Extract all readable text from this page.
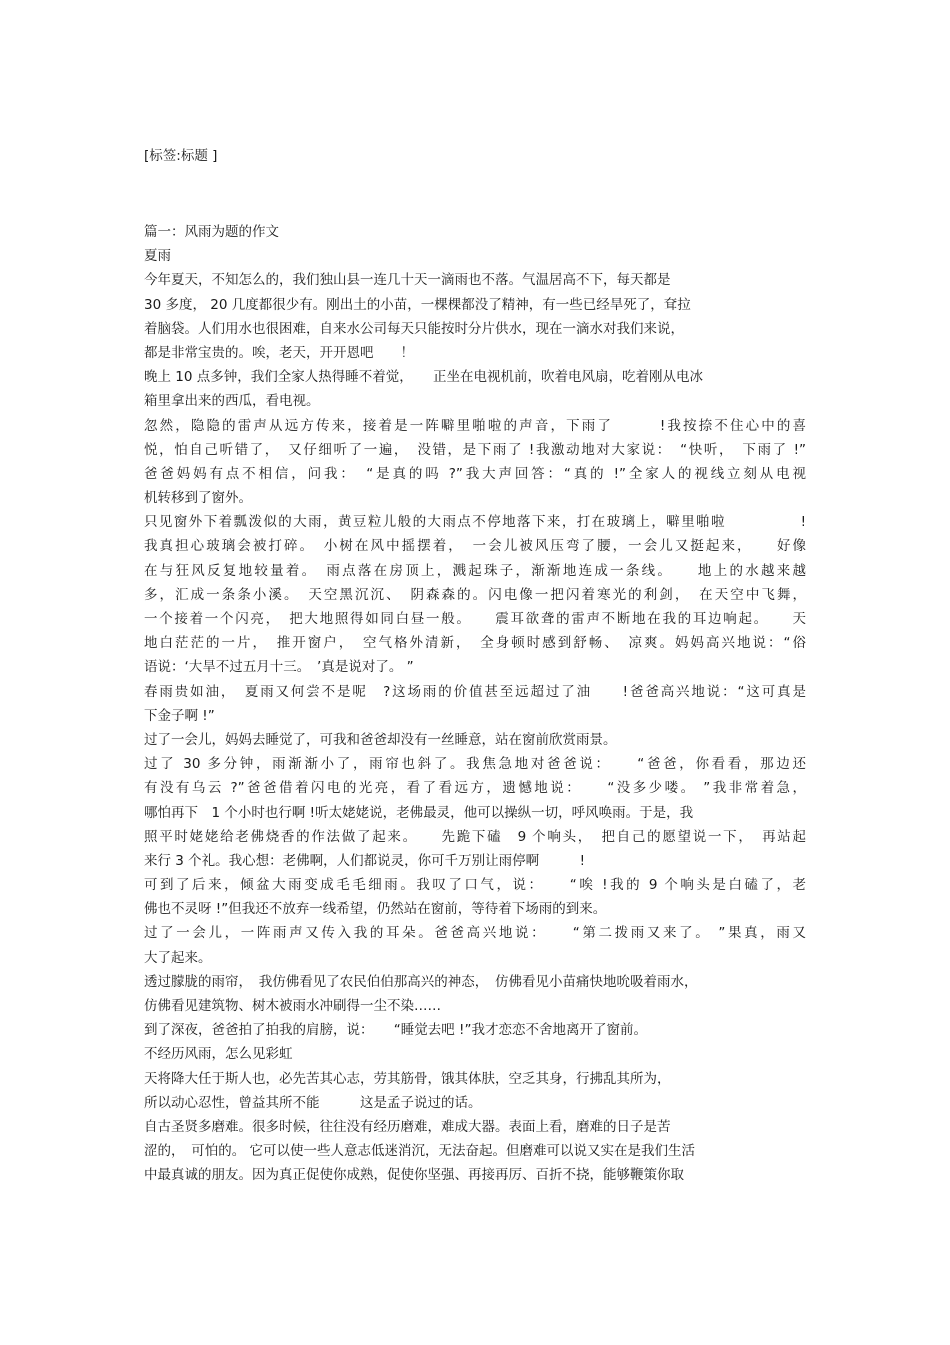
[标签:标题 ]
篇一：风雨为题的作文
夏雨
今年夏天，不知怎么的，我们独山县一连几十天一滴雨也不落。气温居高不下，每天都是
30 多度， 20 几度都很少有。刚出土的小苗，一棵棵都没了精神，有一些已经旱死了，耷拉
着脑袋。人们用水也很困难，自来水公司每天只能按时分片供水，现在一滴水对我们来说，
都是非常宝贵的。唉，老天，开开恩吧　　！
晚上 10 点多钟，我们全家人热得睡不着觉，　　正坐在电视机前，吹着电风扇，吃着刚从电冰
箱里拿出来的西瓜，看电视。
忽然，隐隐的雷声从远方传来，接着是一阵噼里啪啦的声音，下雨了　　　!我按捺不住心中的喜
悦，怕自己听错了，　又仔细听了一遍，　没错，是下雨了 !我激动地对大家说：　“快听，　下雨了 !”
爸爸妈妈有点不相信，问我：　“是真的吗 ?”我大声回答：“真的 !”全家人的视线立刻从电视
机转移到了窗外。
只见窗外下着瓢泼似的大雨，黄豆粒儿般的大雨点不停地落下来，打在玻璃上，噼里啪啦　　　　　!
我真担心玻璃会被打碎。　小树在风中摇摆着，　一会儿被风压弯了腰，一会儿又挺起来，　　好像
在与狂风反复地较量着。　雨点落在房顶上，溅起珠子，渐渐地连成一条线。　　地上的水越来越
多，汇成一条条小溪。　天空黑沉沉、　阴森森的。闪电像一把闪着寒光的利剑，　在天空中飞舞，
一个接着一个闪亮，　把大地照得如同白昼一般。　　震耳欲聋的雷声不断地在我的耳边响起。　　天
地白茫茫的一片，　推开窗户，　空气格外清新，　全身顿时感到舒畅、　凉爽。妈妈高兴地说：“俗
语说：‘大旱不过五月十三。　’真是说对了。 ”
春雨贵如油，　夏雨又何尝不是呢　?这场雨的价值甚至远超过了油　　!爸爸高兴地说：“这可真是
下金子啊 !”
过了一会儿，妈妈去睡觉了，可我和爸爸却没有一丝睡意，站在窗前欣赏雨景。
过了 30 多分钟，雨渐渐小了，雨帘也斜了。我焦急地对爸爸说：　　“爸爸，你看看，那边还
有没有乌云 ?”爸爸借着闪电的光亮，看了看远方，遗憾地说：　　“没多少喽。 ”我非常着急，
哪怕再下　1 个小时也行啊 !听太姥姥说，老佛最灵，他可以操纵一切，呼风唤雨。于是，我
照平时姥姥给老佛烧香的作法做了起来。　　先跪下磕　9 个响头，　把自己的愿望说一下，　再站起
来行 3 个礼。我心想：老佛啊，人们都说灵，你可千万别让雨停啊　　　!
可到了后来，倾盆大雨变成毛毛细雨。我叹了口气，说：　　“唉 !我的 9 个响头是白磕了，老
佛也不灵呀 !”但我还不放弃一线希望，仍然站在窗前，等待着下场雨的到来。
过了一会儿，一阵雨声又传入我的耳朵。爸爸高兴地说：　　“第二拨雨又来了。 ”果真，雨又
大了起来。
透过朦胧的雨帘，　我仿佛看见了农民伯伯那高兴的神态，　仿佛看见小苗痛快地吮吸着雨水，
仿佛看见建筑物、树木被雨水冲刷得一尘不染……
到了深夜，爸爸拍了拍我的肩膀，说：　　“睡觉去吧 !”我才恋恋不舍地离开了窗前。
不经历风雨，怎么见彩虹
天将降大任于斯人也，必先苦其心志，劳其筋骨，饿其体肤，空乏其身，行拂乱其所为，
所以动心忍性，曾益其所不能　　　这是孟子说过的话。
自古圣贤多磨难。很多时候，往往没有经历磨难，难成大器。表面上看，磨难的日子是苦
涩的，　可怕的。 它可以使一些人意志低迷消沉，无法奋起。但磨难可以说又实在是我们生活
中最真诚的朋友。因为真正促使你成熟，促使你坚强、再接再厉、百折不挠，能够鞭策你取
